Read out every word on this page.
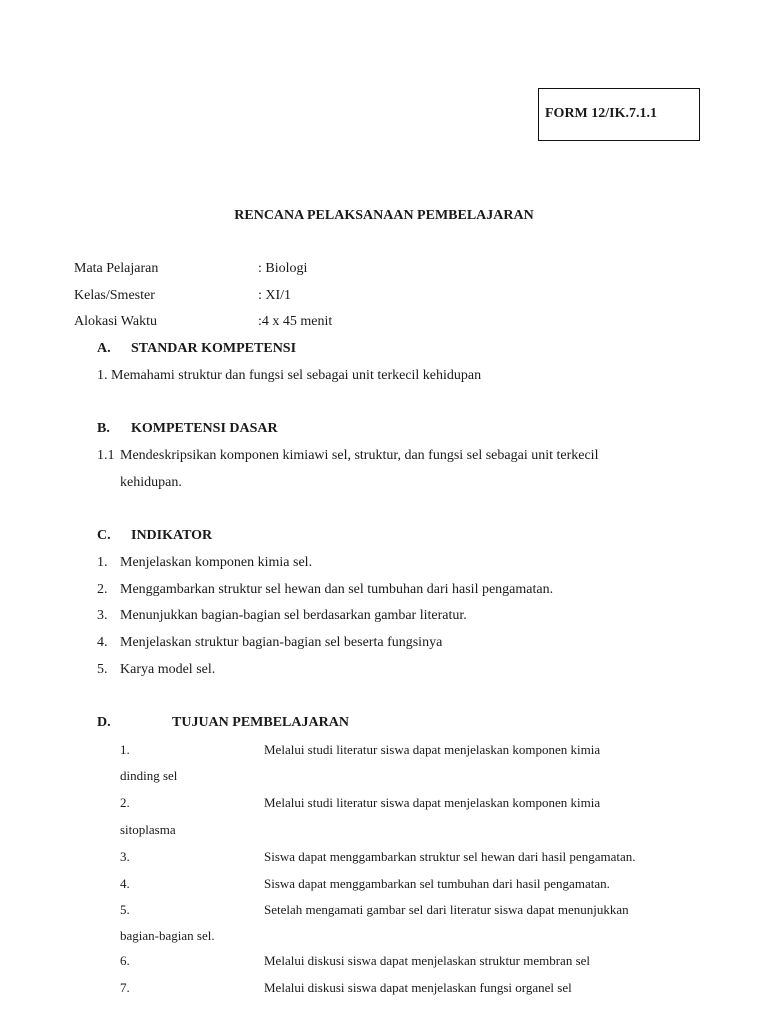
FORM 12/IK.7.1.1
RENCANA PELAKSANAAN PEMBELAJARAN
Mata Pelajaran	: Biologi
Kelas/Smester	: XI/1
Alokasi Waktu	:4 x 45 menit
A. STANDAR KOMPETENSI
1. Memahami struktur dan fungsi sel sebagai unit terkecil kehidupan
B. KOMPETENSI DASAR
1.1 Mendeskripsikan komponen kimiawi sel, struktur, dan fungsi sel sebagai unit terkecil
kehidupan.
C. INDIKATOR
1. Menjelaskan komponen kimia sel.
2. Menggambarkan struktur sel hewan dan sel tumbuhan dari hasil pengamatan.
3. Menunjukkan bagian-bagian sel berdasarkan gambar literatur.
4. Menjelaskan struktur bagian-bagian sel beserta fungsinya
5. Karya model sel.
D.	TUJUAN PEMBELAJARAN
1.	Melalui studi literatur siswa dapat menjelaskan komponen kimia
dinding sel
2.	Melalui studi literatur siswa dapat menjelaskan komponen kimia
sitoplasma
3.	Siswa dapat menggambarkan struktur sel hewan dari hasil pengamatan.
4.	Siswa dapat menggambarkan sel tumbuhan dari hasil pengamatan.
5.	Setelah mengamati gambar sel dari literatur siswa dapat menunjukkan
bagian-bagian sel.
6.	Melalui diskusi siswa dapat menjelaskan struktur membran sel
7.	Melalui diskusi siswa dapat menjelaskan fungsi organel sel
